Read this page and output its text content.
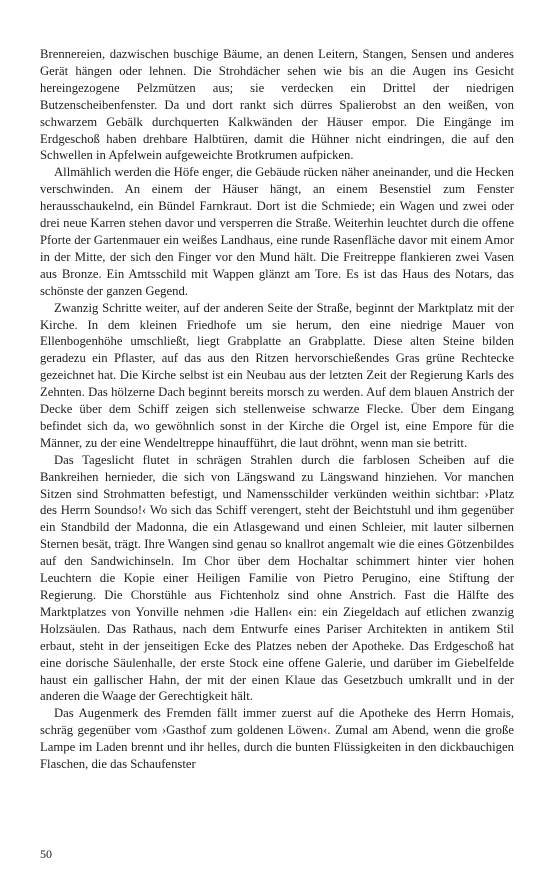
Brennereien, dazwischen buschige Bäume, an denen Leitern, Stangen, Sensen und anderes Gerät hängen oder lehnen. Die Strohdächer sehen wie bis an die Augen ins Gesicht hereingezogene Pelzmützen aus; sie verdecken ein Drittel der niedrigen Butzenscheibenfenster. Da und dort rankt sich dürres Spalierobst an den weißen, von schwarzem Gebälk durchquerten Kalkwänden der Häuser empor. Die Eingänge im Erdgeschoß haben drehbare Halbtüren, damit die Hühner nicht eindringen, die auf den Schwellen in Apfelwein aufgeweichte Brotkrumen aufpicken.

Allmählich werden die Höfe enger, die Gebäude rücken näher aneinander, und die Hecken verschwinden. An einem der Häuser hängt, an einem Besenstiel zum Fenster herausschaukelnd, ein Bündel Farnkraut. Dort ist die Schmiede; ein Wagen und zwei oder drei neue Karren stehen davor und versperren die Straße. Weiterhin leuchtet durch die offene Pforte der Gartenmauer ein weißes Landhaus, eine runde Rasenfläche davor mit einem Amor in der Mitte, der sich den Finger vor den Mund hält. Die Freitreppe flankieren zwei Vasen aus Bronze. Ein Amtsschild mit Wappen glänzt am Tore. Es ist das Haus des Notars, das schönste der ganzen Gegend.

Zwanzig Schritte weiter, auf der anderen Seite der Straße, beginnt der Marktplatz mit der Kirche. In dem kleinen Friedhofe um sie herum, den eine niedrige Mauer von Ellenbogenhöhe umschließt, liegt Grabplatte an Grabplatte. Diese alten Steine bilden geradezu ein Pflaster, auf das aus den Ritzen hervorschießendes Gras grüne Rechtecke gezeichnet hat. Die Kirche selbst ist ein Neubau aus der letzten Zeit der Regierung Karls des Zehnten. Das hölzerne Dach beginnt bereits morsch zu werden. Auf dem blauen Anstrich der Decke über dem Schiff zeigen sich stellenweise schwarze Flecke. Über dem Eingang befindet sich da, wo gewöhnlich sonst in der Kirche die Orgel ist, eine Empore für die Männer, zu der eine Wendeltreppe hinaufführt, die laut dröhnt, wenn man sie betritt.

Das Tageslicht flutet in schrägen Strahlen durch die farblosen Scheiben auf die Bankreihen hernieder, die sich von Längswand zu Längswand hinziehen. Vor manchen Sitzen sind Strohmatten befestigt, und Namensschilder verkünden weithin sichtbar: ›Platz des Herrn Soundso!‹ Wo sich das Schiff verengert, steht der Beichtstuhl und ihm gegenüber ein Standbild der Madonna, die ein Atlasgewand und einen Schleier, mit lauter silbernen Sternen besät, trägt. Ihre Wangen sind genau so knallrot angemalt wie die eines Götzenbildes auf den Sandwichinseln. Im Chor über dem Hochaltar schimmert hinter vier hohen Leuchtern die Kopie einer Heiligen Familie von Pietro Perugino, eine Stiftung der Regierung. Die Chorstühle aus Fichtenholz sind ohne Anstrich. Fast die Hälfte des Marktplatzes von Yonville nehmen ›die Hallen‹ ein: ein Ziegeldach auf etlichen zwanzig Holzsäulen. Das Rathaus, nach dem Entwurfe eines Pariser Architekten in antikem Stil erbaut, steht in der jenseitigen Ecke des Platzes neben der Apotheke. Das Erdgeschoß hat eine dorische Säulenhalle, der erste Stock eine offene Galerie, und darüber im Giebelfelde haust ein gallischer Hahn, der mit der einen Klaue das Gesetzbuch umkrallt und in der anderen die Waage der Gerechtigkeit hält.

Das Augenmerk des Fremden fällt immer zuerst auf die Apotheke des Herrn Homais, schräg gegenüber vom ›Gasthof zum goldenen Löwen‹. Zumal am Abend, wenn die große Lampe im Laden brennt und ihr helles, durch die bunten Flüssigkeiten in den dickbauchigen Flaschen, die das Schaufenster

50
